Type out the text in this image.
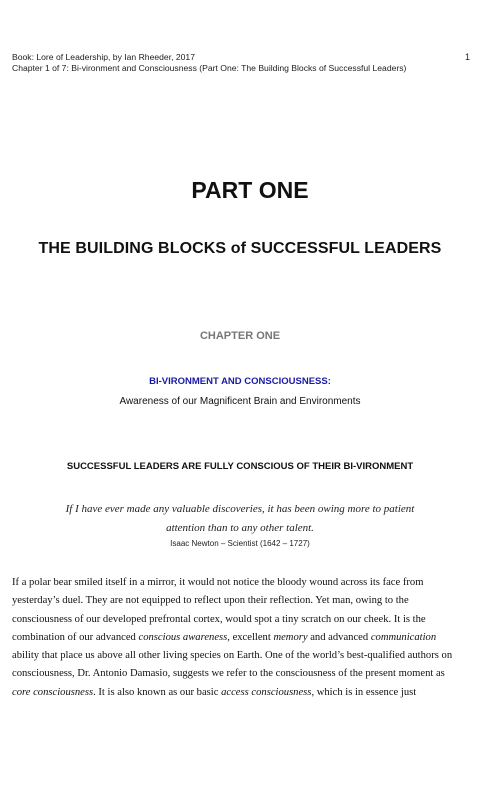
Book: Lore of Leadership, by Ian Rheeder, 2017
Chapter 1 of 7: Bi-vironment and Consciousness (Part One: The Building Blocks of Successful Leaders)
1
PART ONE
THE BUILDING BLOCKS of SUCCESSFUL LEADERS
CHAPTER ONE
BI-VIRONMENT AND CONSCIOUSNESS:
Awareness of our Magnificent Brain and Environments
SUCCESSFUL LEADERS ARE FULLY CONSCIOUS OF THEIR BI-VIRONMENT
If I have ever made any valuable discoveries, it has been owing more to patient
attention than to any other talent.
Isaac Newton – Scientist (1642 – 1727)
If a polar bear smiled itself in a mirror, it would not notice the bloody wound across its face from
yesterday’s duel. They are not equipped to reflect upon their reflection. Yet man, owing to the
consciousness of our developed prefrontal cortex, would spot a tiny scratch on our cheek. It is the
combination of our advanced conscious awareness, excellent memory and advanced communication
ability that place us above all other living species on Earth. One of the world’s best-qualified authors on
consciousness, Dr. Antonio Damasio, suggests we refer to the consciousness of the present moment as
core consciousness. It is also known as our basic access consciousness, which is in essence just
